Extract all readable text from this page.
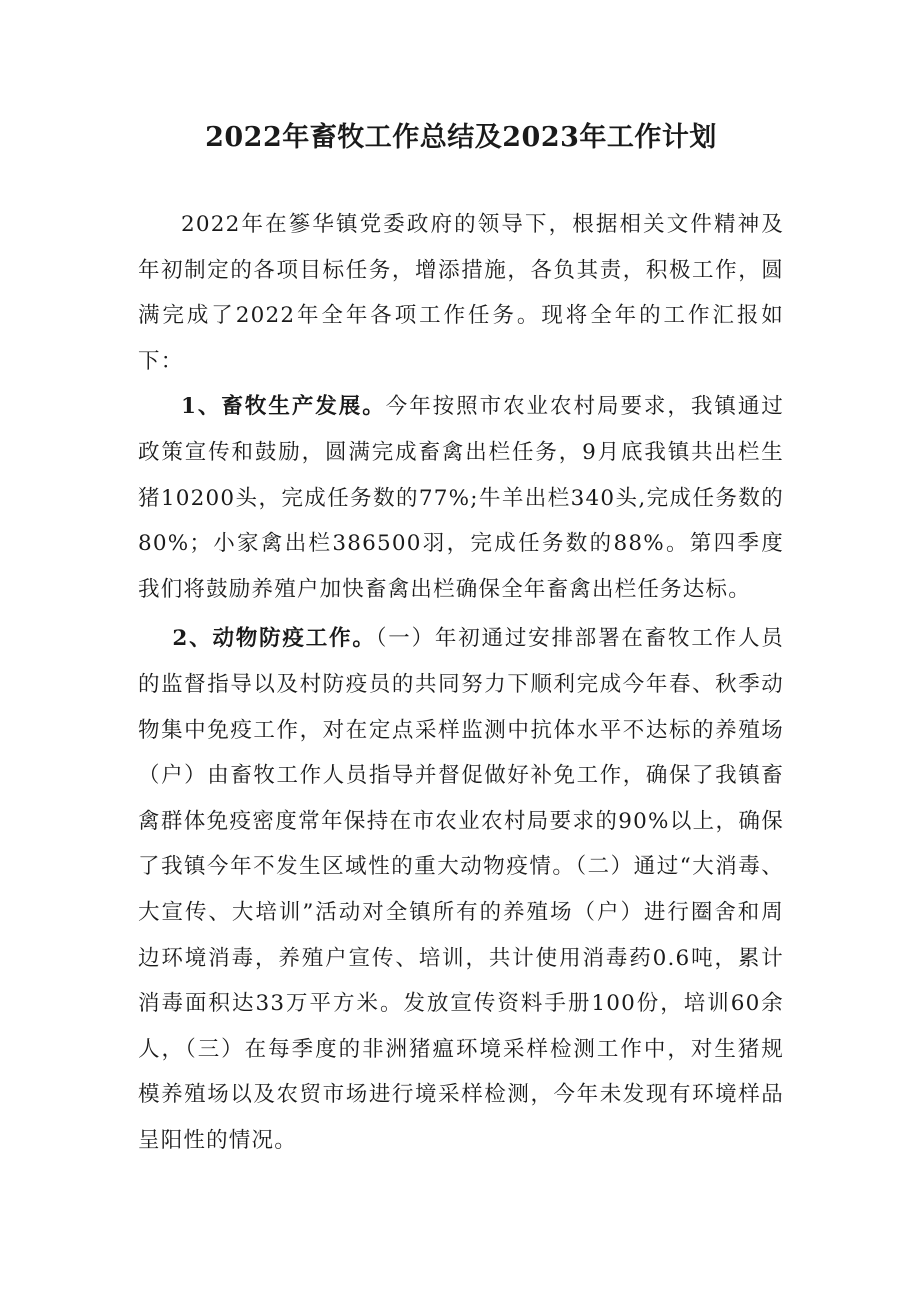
2022年畜牧工作总结及2023年工作计划

2022年在篸华镇党委政府的领导下，根据相关文件精神及年初制定的各项目标任务，增添措施，各负其责，积极工作，圆满完成了2022年全年各项工作任务。现将全年的工作汇报如下：

1、畜牧生产发展。今年按照市农业农村局要求，我镇通过政策宣传和鼓励，圆满完成畜禽出栏任务，9月底我镇共出栏生猪10200头，完成任务数的77%;牛羊出栏340头,完成任务数的80%；小家禽出栏386500羽，完成任务数的88%。第四季度我们将鼓励养殖户加快畜禽出栏确保全年畜禽出栏任务达标。

2、动物防疫工作。（一）年初通过安排部署在畜牧工作人员的监督指导以及村防疫员的共同努力下顺利完成今年春、秋季动物集中免疫工作，对在定点采样监测中抗体水平不达标的养殖场（户）由畜牧工作人员指导并督促做好补免工作，确保了我镇畜禽群体免疫密度常年保持在市农业农村局要求的90%以上，确保了我镇今年不发生区域性的重大动物疫情。（二）通过“大消毒、大宣传、大培训”活动对全镇所有的养殖场（户）进行圈舍和周边环境消毒，养殖户宣传、培训，共计使用消毒药0.6吨，累计消毒面积达33万平方米。发放宣传资料手册100份，培训60余人，（三）在每季度的非洲猪瘟环境采样检测工作中，对生猪规模养殖场以及农贸市场进行境采样检测，今年未发现有环境样品呈阳性的情况。
